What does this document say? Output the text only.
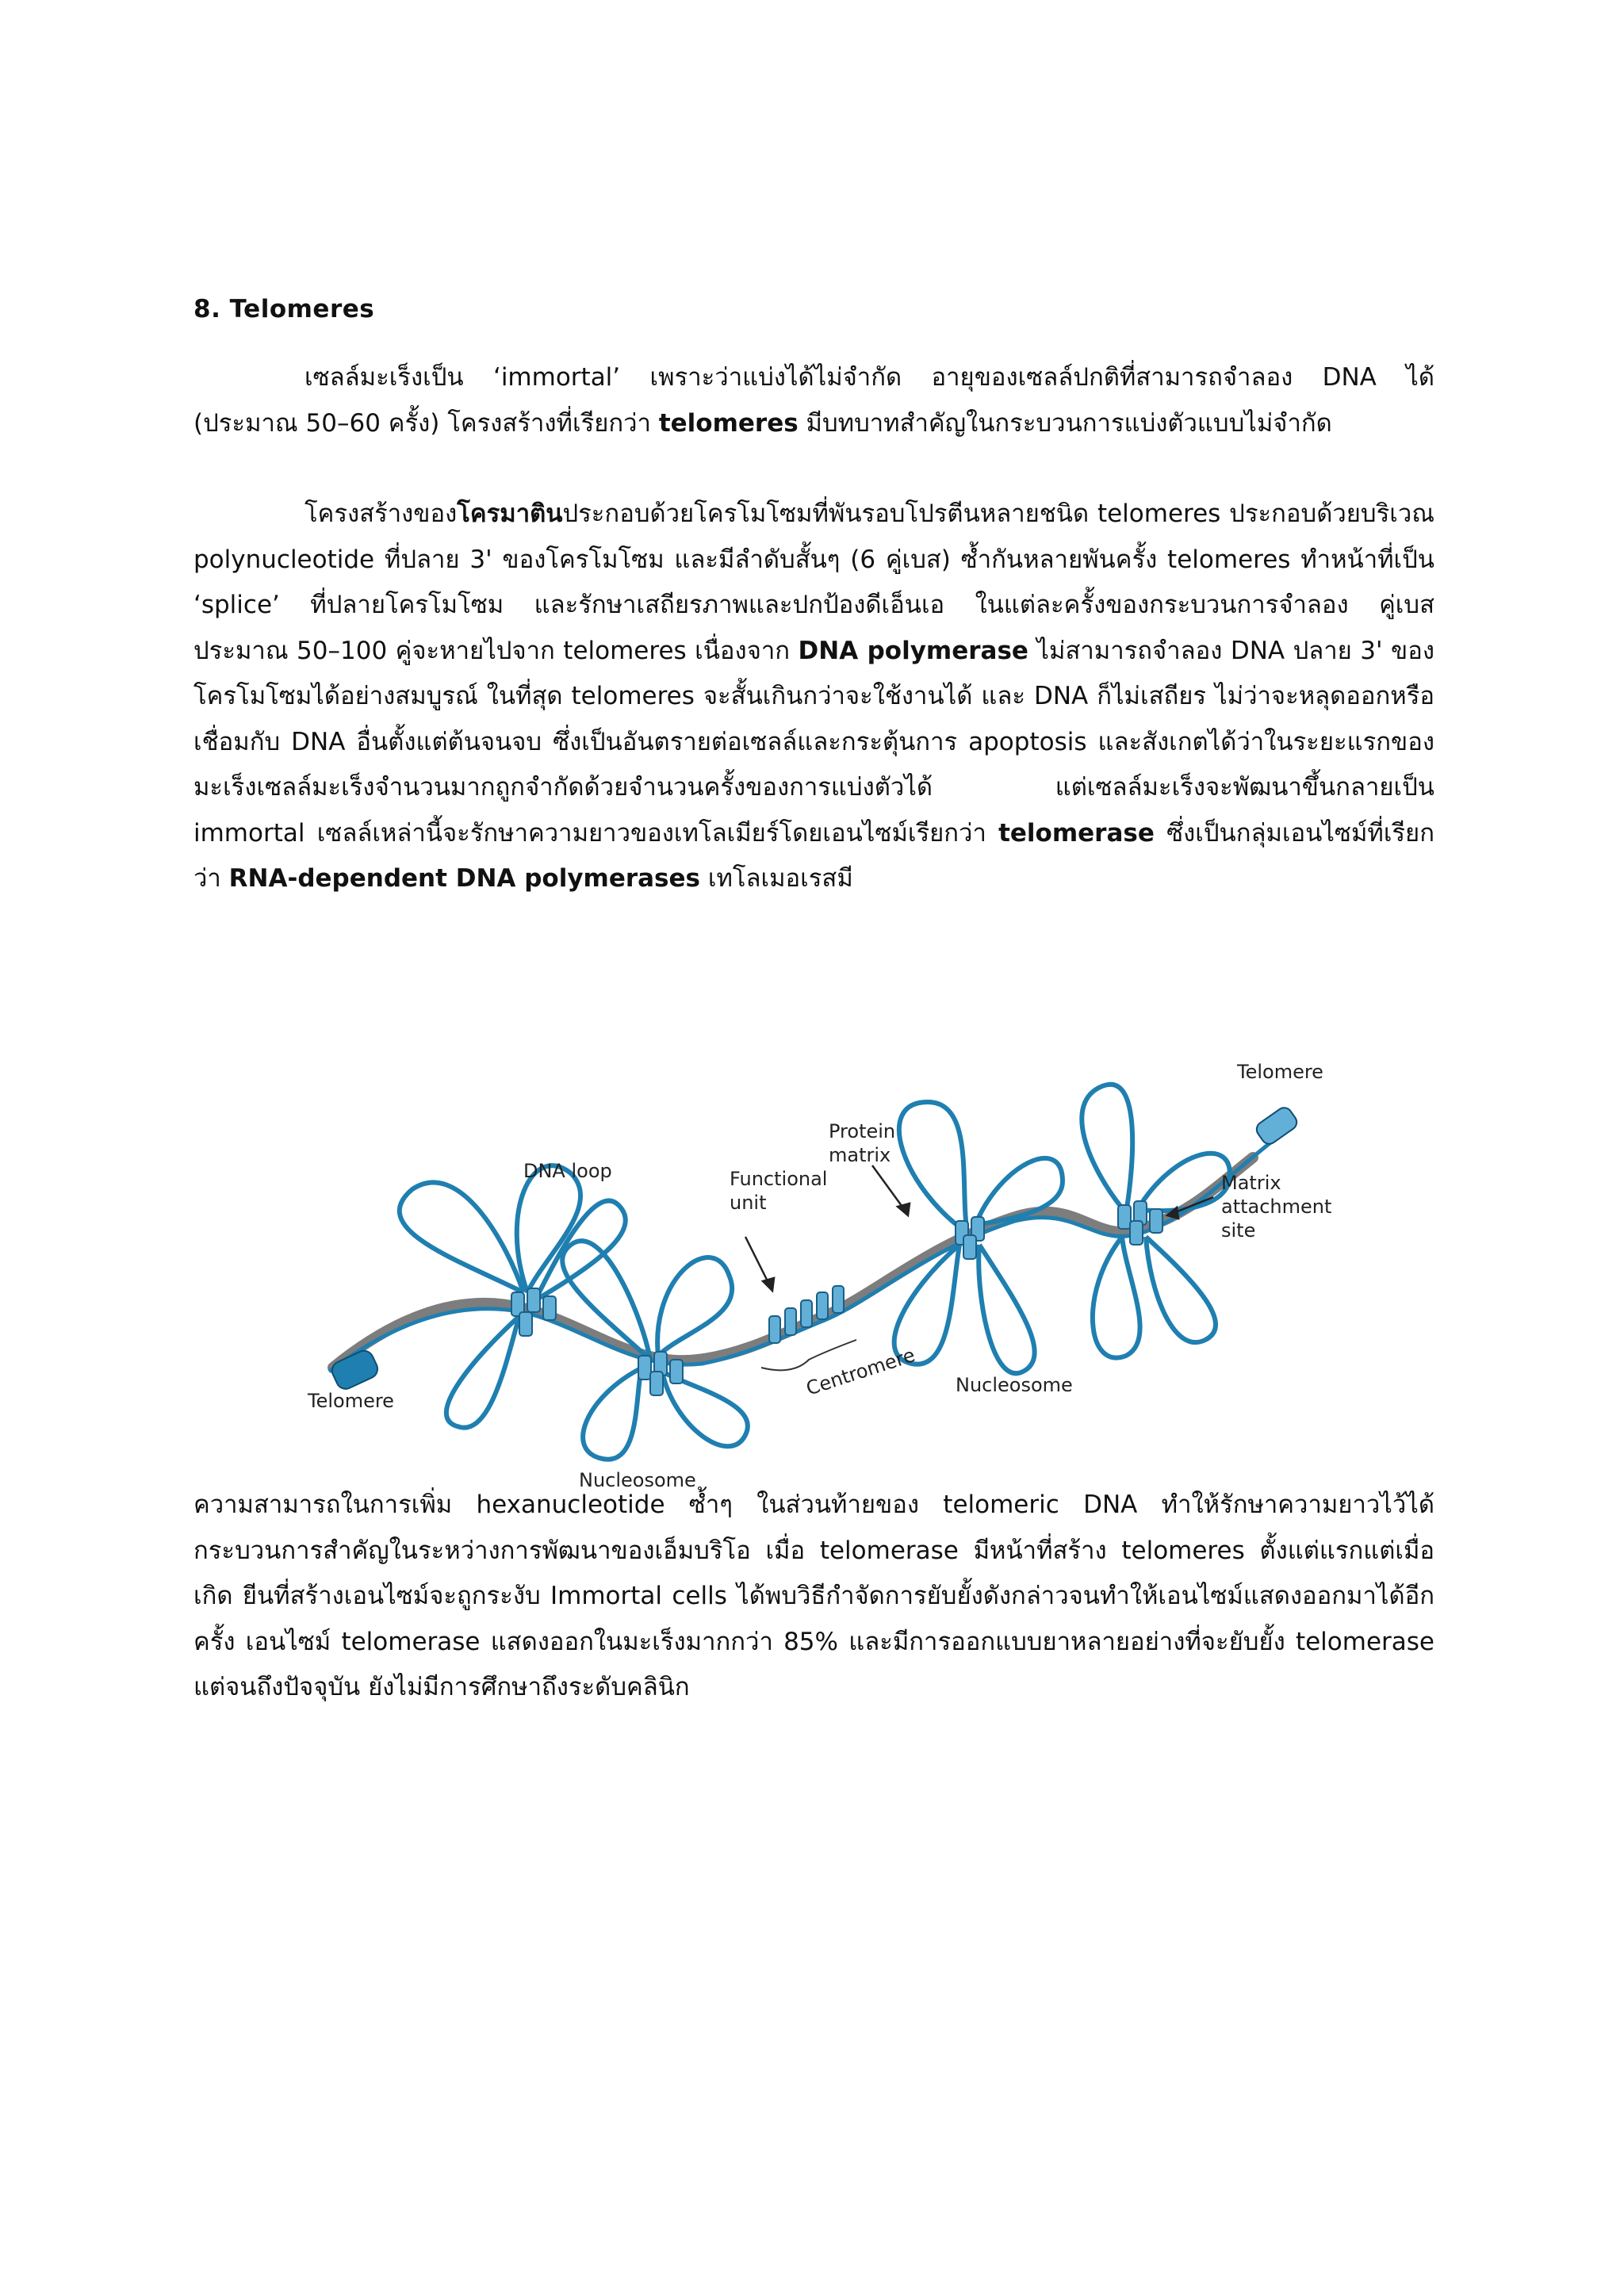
8. Telomeres

เซลล์มะเร็งเป็น ‘immortal’ เพราะว่าแบ่งได้ไม่จำกัด อายุของเซลล์ปกติที่สามารถจำลอง DNA ได้ (ประมาณ 50–60 ครั้ง) โครงสร้างที่เรียกว่า telomeres มีบทบาทสำคัญในกระบวนการแบ่งตัวแบบไม่จำกัด

โครงสร้างของโครมาตินประกอบด้วยโครโมโซมที่พันรอบโปรตีนหลายชนิด telomeres ประกอบด้วยบริเวณ polynucleotide ที่ปลาย 3' ของโครโมโซม และมีลำดับสั้นๆ (6 คู่เบส) ซ้ำกันหลายพันครั้ง telomeres ทำหน้าที่เป็น ‘splice’ ที่ปลายโครโมโซม และรักษาเสถียรภาพและปกป้องดีเอ็นเอ ในแต่ละครั้งของกระบวนการจำลอง คู่เบสประมาณ 50–100 คู่จะหายไปจาก telomeres เนื่องจาก DNA polymerase ไม่สามารถจำลอง DNA ปลาย 3' ของโครโมโซมได้อย่างสมบูรณ์ ในที่สุด telomeres จะสั้นเกินกว่าจะใช้งานได้ และ DNA ก็ไม่เสถียร ไม่ว่าจะหลุดออกหรือเชื่อมกับ DNA อื่นตั้งแต่ต้นจนจบ ซึ่งเป็นอันตรายต่อเซลล์และกระตุ้นการ apoptosis และสังเกตได้ว่าในระยะแรกของมะเร็งเซลล์มะเร็งจำนวนมากถูกจำกัดด้วยจำนวนครั้งของการแบ่งตัวได้ แต่เซลล์มะเร็งจะพัฒนาขึ้นกลายเป็น immortal เซลล์เหล่านี้จะรักษาความยาวของเทโลเมียร์โดยเอนไซม์เรียกว่า telomerase ซึ่งเป็นกลุ่มเอนไซม์ที่เรียกว่า RNA-dependent DNA polymerases เทโลเมอเรสมี

Telomere
Protein
matrix
DNA loop	Functional
unit
Matrix
attachment
site
Centromere Nucleosome
Telomere
Nucleosome

ความสามารถในการเพิ่ม hexanucleotide ซ้ำๆ ในส่วนท้ายของ telomeric DNA ทำให้รักษาความยาวไว้ได้ กระบวนการสำคัญในระหว่างการพัฒนาของเอ็มบริโอ เมื่อ telomerase มีหน้าที่สร้าง telomeres ตั้งแต่แรกแต่เมื่อเกิด ยีนที่สร้างเอนไซม์จะถูกระงับ Immortal cells ได้พบวิธีกำจัดการยับยั้งดังกล่าวจนทำให้เอนไซม์แสดงออกมาได้อีกครั้ง เอนไซม์ telomerase แสดงออกในมะเร็งมากกว่า 85% และมีการออกแบบยาหลายอย่างที่จะยับยั้ง telomerase แต่จนถึงปัจจุบัน ยังไม่มีการศึกษาถึงระดับคลินิก
